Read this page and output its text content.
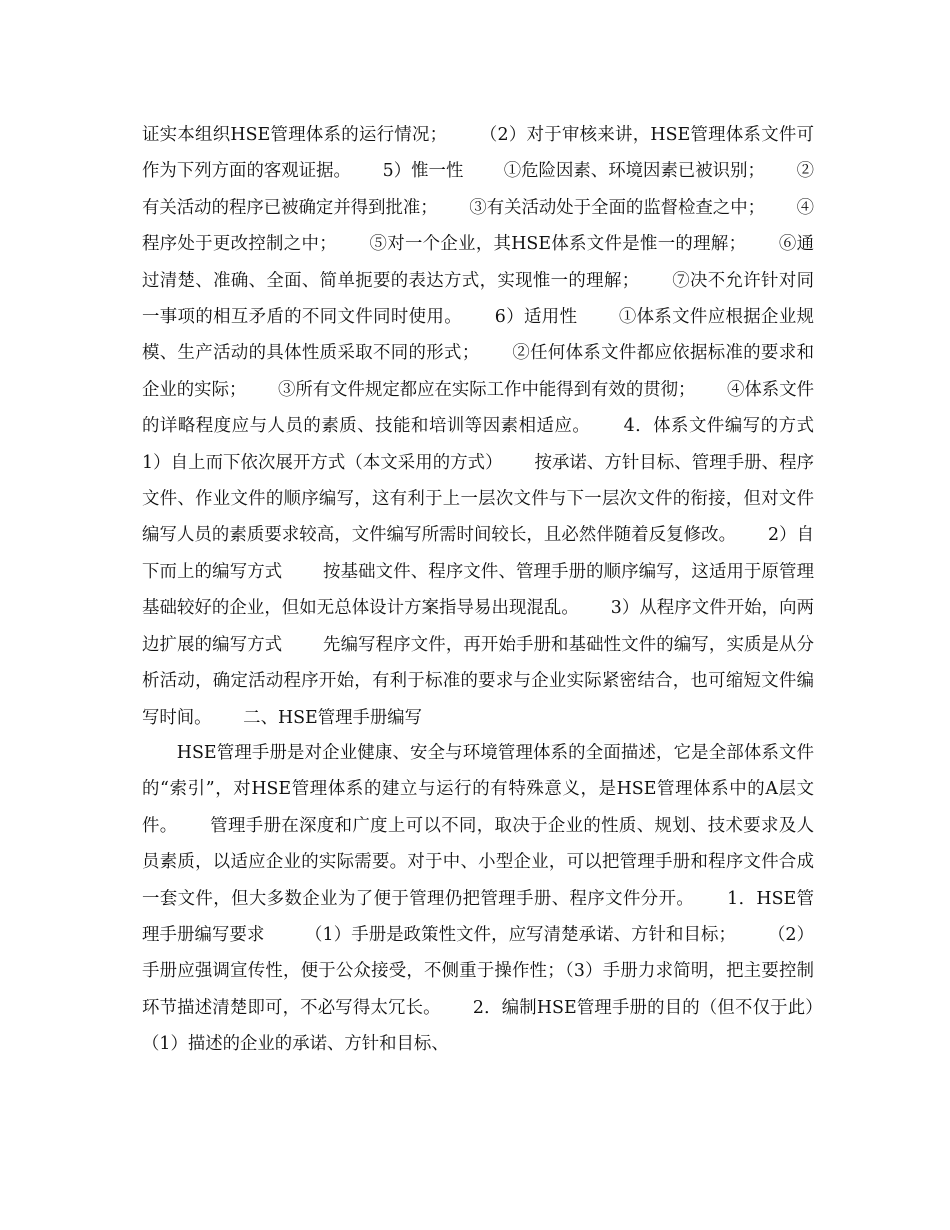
证实本组织HSE管理体系的运行情况；　　 （2）对于审核来讲，HSE管理体系文件可作为下列方面的客观证据。　　 5）惟一性　　 ①危险因素、环境因素已被识别；　　 ②有关活动的程序已被确定并得到批准；　　 ③有关活动处于全面的监督检查之中；　　 ④程序处于更改控制之中；　　 ⑤对一个企业，其HSE体系文件是惟一的理解；　　 ⑥通过清楚、准确、全面、简单扼要的表达方式，实现惟一的理解；　　 ⑦决不允许针对同一事项的相互矛盾的不同文件同时使用。　　 6）适用性　　 ①体系文件应根据企业规模、生产活动的具体性质采取不同的形式；　　 ②任何体系文件都应依据标准的要求和企业的实际；　　 ③所有文件规定都应在实际工作中能得到有效的贯彻；　　 ④体系文件的详略程度应与人员的素质、技能和培训等因素相适应。　　 4．体系文件编写的方式　　 1）自上而下依次展开方式（本文采用的方式）　　 按承诺、方针目标、管理手册、程序文件、作业文件的顺序编写，这有利于上一层次文件与下一层次文件的衔接，但对文件编写人员的素质要求较高，文件编写所需时间较长，且必然伴随着反复修改。　　 2）自下而上的编写方式　　 按基础文件、程序文件、管理手册的顺序编写，这适用于原管理基础较好的企业，但如无总体设计方案指导易出现混乱。　　 3）从程序文件开始，向两边扩展的编写方式　　 先编写程序文件，再开始手册和基础性文件的编写，实质是从分析活动，确定活动程序开始，有利于标准的要求与企业实际紧密结合，也可缩短文件编写时间。　　 二、HSE管理手册编写

HSE管理手册是对企业健康、安全与环境管理体系的全面描述，它是全部体系文件的“索引”，对HSE管理体系的建立与运行的有特殊意义，是HSE管理体系中的A层文件。　　 管理手册在深度和广度上可以不同，取决于企业的性质、规划、技术要求及人员素质，以适应企业的实际需要。对于中、小型企业，可以把管理手册和程序文件合成一套文件，但大多数企业为了便于管理仍把管理手册、程序文件分开。　　 1．HSE管理手册编写要求　　 （1）手册是政策性文件，应写清楚承诺、方针和目标；　　 （2）手册应强调宣传性，便于公众接受，不侧重于操作性；（3）手册力求简明，把主要控制环节描述清楚即可，不必写得太冗长。　　 2．编制HSE管理手册的目的（但不仅于此）　　 （1）描述的企业的承诺、方针和目标、
